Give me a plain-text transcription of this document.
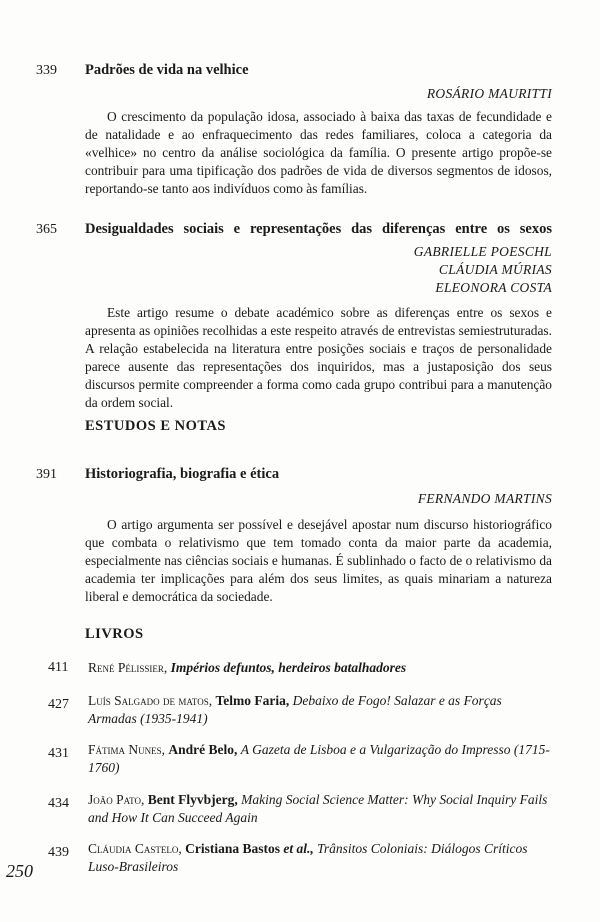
339 Padrões de vida na velhice
ROSÁRIO MAURITTI

O crescimento da população idosa, associado à baixa das taxas de fecundidade e de natalidade e ao enfraquecimento das redes familiares, coloca a categoria da «velhice» no centro da análise sociológica da família. O presente artigo propõe-se contribuir para uma tipificação dos padrões de vida de diversos segmentos de idosos, reportando-se tanto aos indivíduos como às famílias.

365 Desigualdades sociais e representações das diferenças entre os sexos
GABRIELLE POESCHL
CLÁUDIA MÚRIAS
ELEONORA COSTA

Este artigo resume o debate académico sobre as diferenças entre os sexos e apresenta as opiniões recolhidas a este respeito através de entrevistas semiestruturadas. A relação estabelecida na literatura entre posições sociais e traços de personalidade parece ausente das representações dos inquiridos, mas a justaposição dos seus discursos permite compreender a forma como cada grupo contribui para a manutenção da ordem social.

ESTUDOS E NOTAS
391 Historiografia, biografia e ética
FERNANDO MARTINS

O artigo argumenta ser possível e desejável apostar num discurso historiográfico que combata o relativismo que tem tomado conta da maior parte da academia, especialmente nas ciências sociais e humanas. É sublinhado o facto de o relativismo da academia ter implicações para além dos seus limites, as quais minariam a natureza liberal e democrática da sociedade.

LIVROS
411 René Pélissier, Impérios defuntos, herdeiros batalhadores
427 Luís Salgado de matos, Telmo Faria, Debaixo de Fogo! Salazar e as Forças Armadas (1935-1941)
431 Fátima Nunes, André Belo, A Gazeta de Lisboa e a Vulgarização do Impresso (1715-1760)
434 João Pato, Bent Flyvbjerg, Making Social Science Matter: Why Social Inquiry Fails and How It Can Succeed Again
439 Cláudia Castelo, Cristiana Bastos et al., Trânsitos Coloniais: Diálogos Críticos Luso-Brasileiros
250
